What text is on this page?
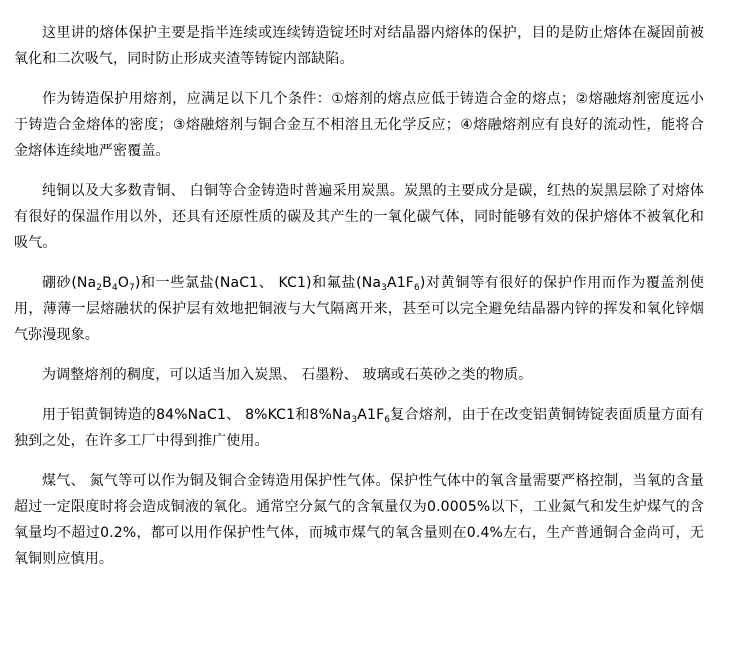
这里讲的熔体保护主要是指半连续或连续铸造锭坯时对结晶器内熔体的保护，目的是防止熔体在凝固前被氧化和二次吸气，同时防止形成夹渣等铸锭内部缺陷。

作为铸造保护用熔剂，应满足以下几个条件：①熔剂的熔点应低于铸造合金的熔点；②熔融熔剂密度远小于铸造合金熔体的密度；③熔融熔剂与铜合金互不相溶且无化学反应；④熔融熔剂应有良好的流动性，能将合金熔体连续地严密覆盖。

纯铜以及大多数青铜、 白铜等合金铸造时普遍采用炭黑。炭黑的主要成分是碳，红热的炭黑层除了对熔体有很好的保温作用以外，还具有还原性质的碳及其产生的一氧化碳气体，同时能够有效的保护熔体不被氧化和吸气。

硼砂$(Na_2B_4O_7)$和一些氯盐(NaC1、 KC1)和氟盐$(Na_3A1F_6)$对黄铜等有很好的保护作用而作为覆盖剂使用，薄薄一层熔融状的保护层有效地把铜液与大气隔离开来，甚至可以完全避免结晶器内锌的挥发和氧化锌烟气弥漫现象。

为调整熔剂的稠度，可以适当加入炭黑、 石墨粉、 玻璃或石英砂之类的物质。

用于铝黄铜铸造的84%NaC1、 8%KC1和$8\%Na_3A1F_6$复合熔剂，由于在改变铝黄铜铸锭表面质量方面有独到之处，在许多工厂中得到推广使用。

煤气、 氮气等可以作为铜及铜合金铸造用保护性气体。保护性气体中的氧含量需要严格控制，当氧的含量超过一定限度时将会造成铜液的氧化。通常空分氮气的含氧量仅为0.0005%以下，工业氮气和发生炉煤气的含氧量均不超过0.2%，都可以用作保护性气体，而城市煤气的氧含量则在0.4%左右，生产普通铜合金尚可，无氧铜则应慎用。
